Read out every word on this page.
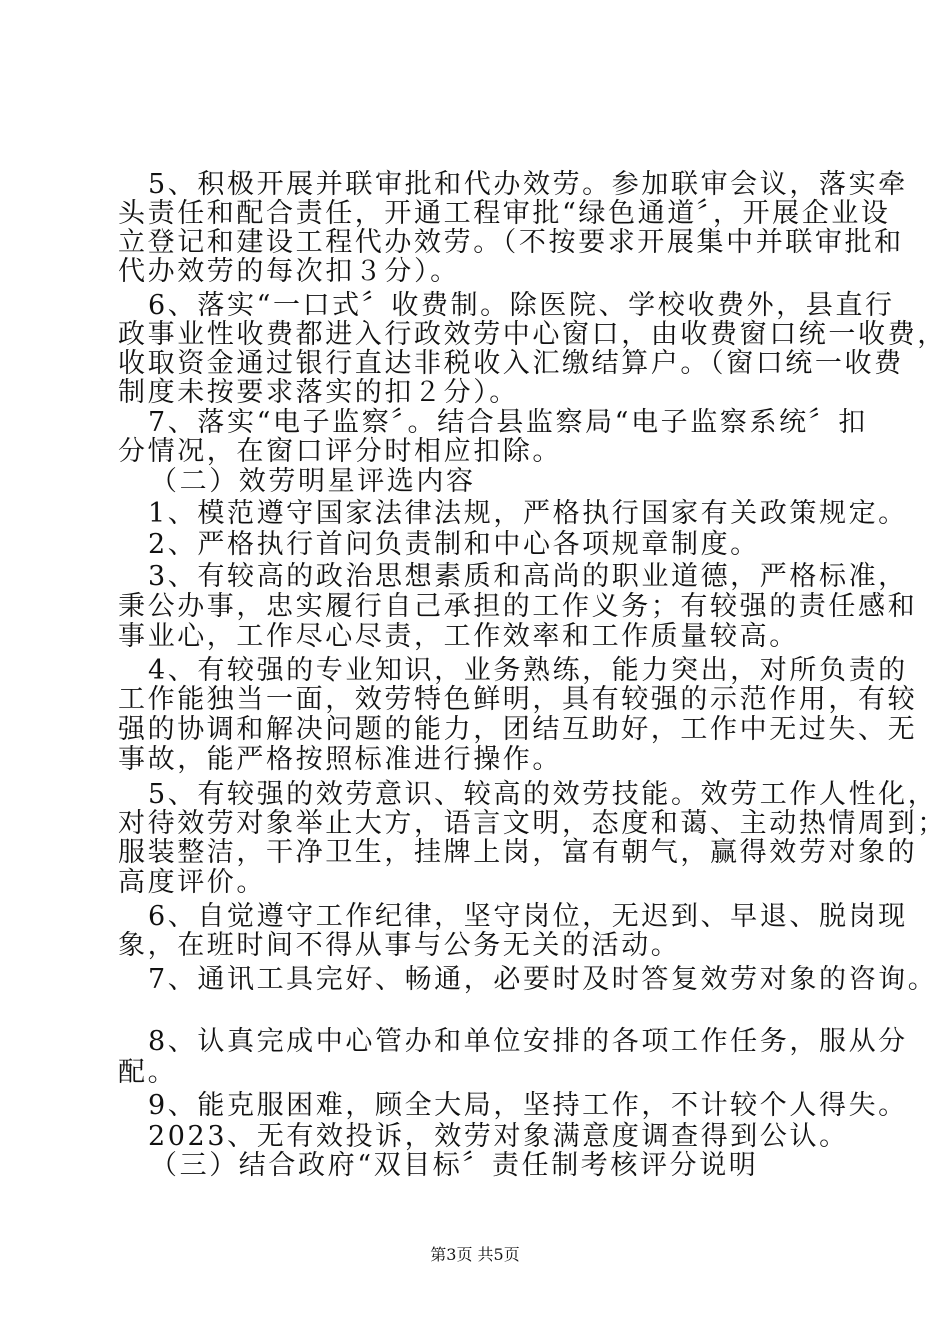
5、积极开展并联审批和代办效劳。参加联审会议，落实牵
头责任和配合责任，开通工程审批“绿色通道〞，开展企业设
立登记和建设工程代办效劳。（不按要求开展集中并联审批和
代办效劳的每次扣３分）。
6、落实“一口式〞收费制。除医院、学校收费外，县直行
政事业性收费都进入行政效劳中心窗口，由收费窗口统一收费，
收取资金通过银行直达非税收入汇缴结算户。（窗口统一收费
制度未按要求落实的扣２分）。
7、落实“电子监察〞。结合县监察局“电子监察系统〞扣
分情况，在窗口评分时相应扣除。
（二）效劳明星评选内容
1、模范遵守国家法律法规，严格执行国家有关政策规定。
2、严格执行首问负责制和中心各项规章制度。
3、有较高的政治思想素质和高尚的职业道德，严格标准，
秉公办事，忠实履行自己承担的工作义务；有较强的责任感和
事业心，工作尽心尽责，工作效率和工作质量较高。
4、有较强的专业知识，业务熟练，能力突出，对所负责的
工作能独当一面，效劳特色鲜明，具有较强的示范作用，有较
强的协调和解决问题的能力，团结互助好，工作中无过失、无
事故，能严格按照标准进行操作。
5、有较强的效劳意识、较高的效劳技能。效劳工作人性化，
对待效劳对象举止大方，语言文明，态度和蔼、主动热情周到；
服装整洁，干净卫生，挂牌上岗，富有朝气，赢得效劳对象的
高度评价。
6、自觉遵守工作纪律，坚守岗位，无迟到、早退、脱岗现
象，在班时间不得从事与公务无关的活动。
7、通讯工具完好、畅通，必要时及时答复效劳对象的咨询。
8、认真完成中心管办和单位安排的各项工作任务，服从分
配。
9、能克服困难，顾全大局，坚持工作，不计较个人得失。
2023、无有效投诉，效劳对象满意度调查得到公认。
（三）结合政府“双目标〞责任制考核评分说明
第3页 共5页
